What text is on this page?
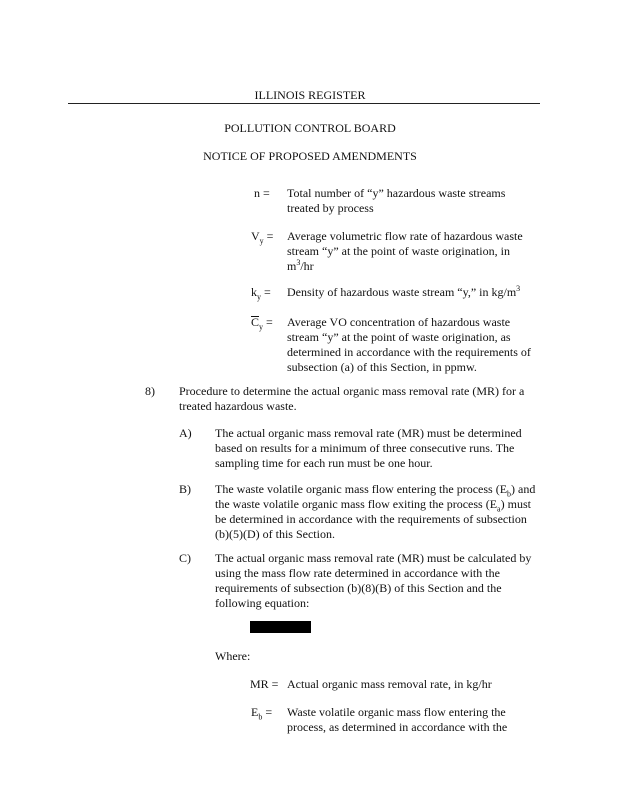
ILLINOIS REGISTER
POLLUTION CONTROL BOARD
NOTICE OF PROPOSED AMENDMENTS
n = Total number of “y” hazardous waste streams
treated by process
$V_y$ = Average volumetric flow rate of hazardous waste
stream “y” at the point of waste origination, in
$m^3/hr$
$k_y$ = Density of hazardous waste stream “y,” in $kg/m^3$
$C_y$ = Average VO concentration of hazardous waste
stream “y” at the point of waste origination, as
determined in accordance with the requirements of
subsection (a) of this Section, in ppmw.
8) Procedure to determine the actual organic mass removal rate (MR) for a
treated hazardous waste.
A) The actual organic mass removal rate (MR) must be determined
based on results for a minimum of three consecutive runs. The
sampling time for each run must be one hour.
B) The waste volatile organic mass flow entering the process $(E_b)$ and
the waste volatile organic mass flow exiting the process $(E_a)$ must
be determined in accordance with the requirements of subsection
(b)(5)(D) of this Section.
C) The actual organic mass removal rate (MR) must be calculated by
using the mass flow rate determined in accordance with the
requirements of subsection (b)(8)(B) of this Section and the
following equation:
Where:
MR = Actual organic mass removal rate, in kg/hr
$E_b$ = Waste volatile organic mass flow entering the
process, as determined in accordance with the
